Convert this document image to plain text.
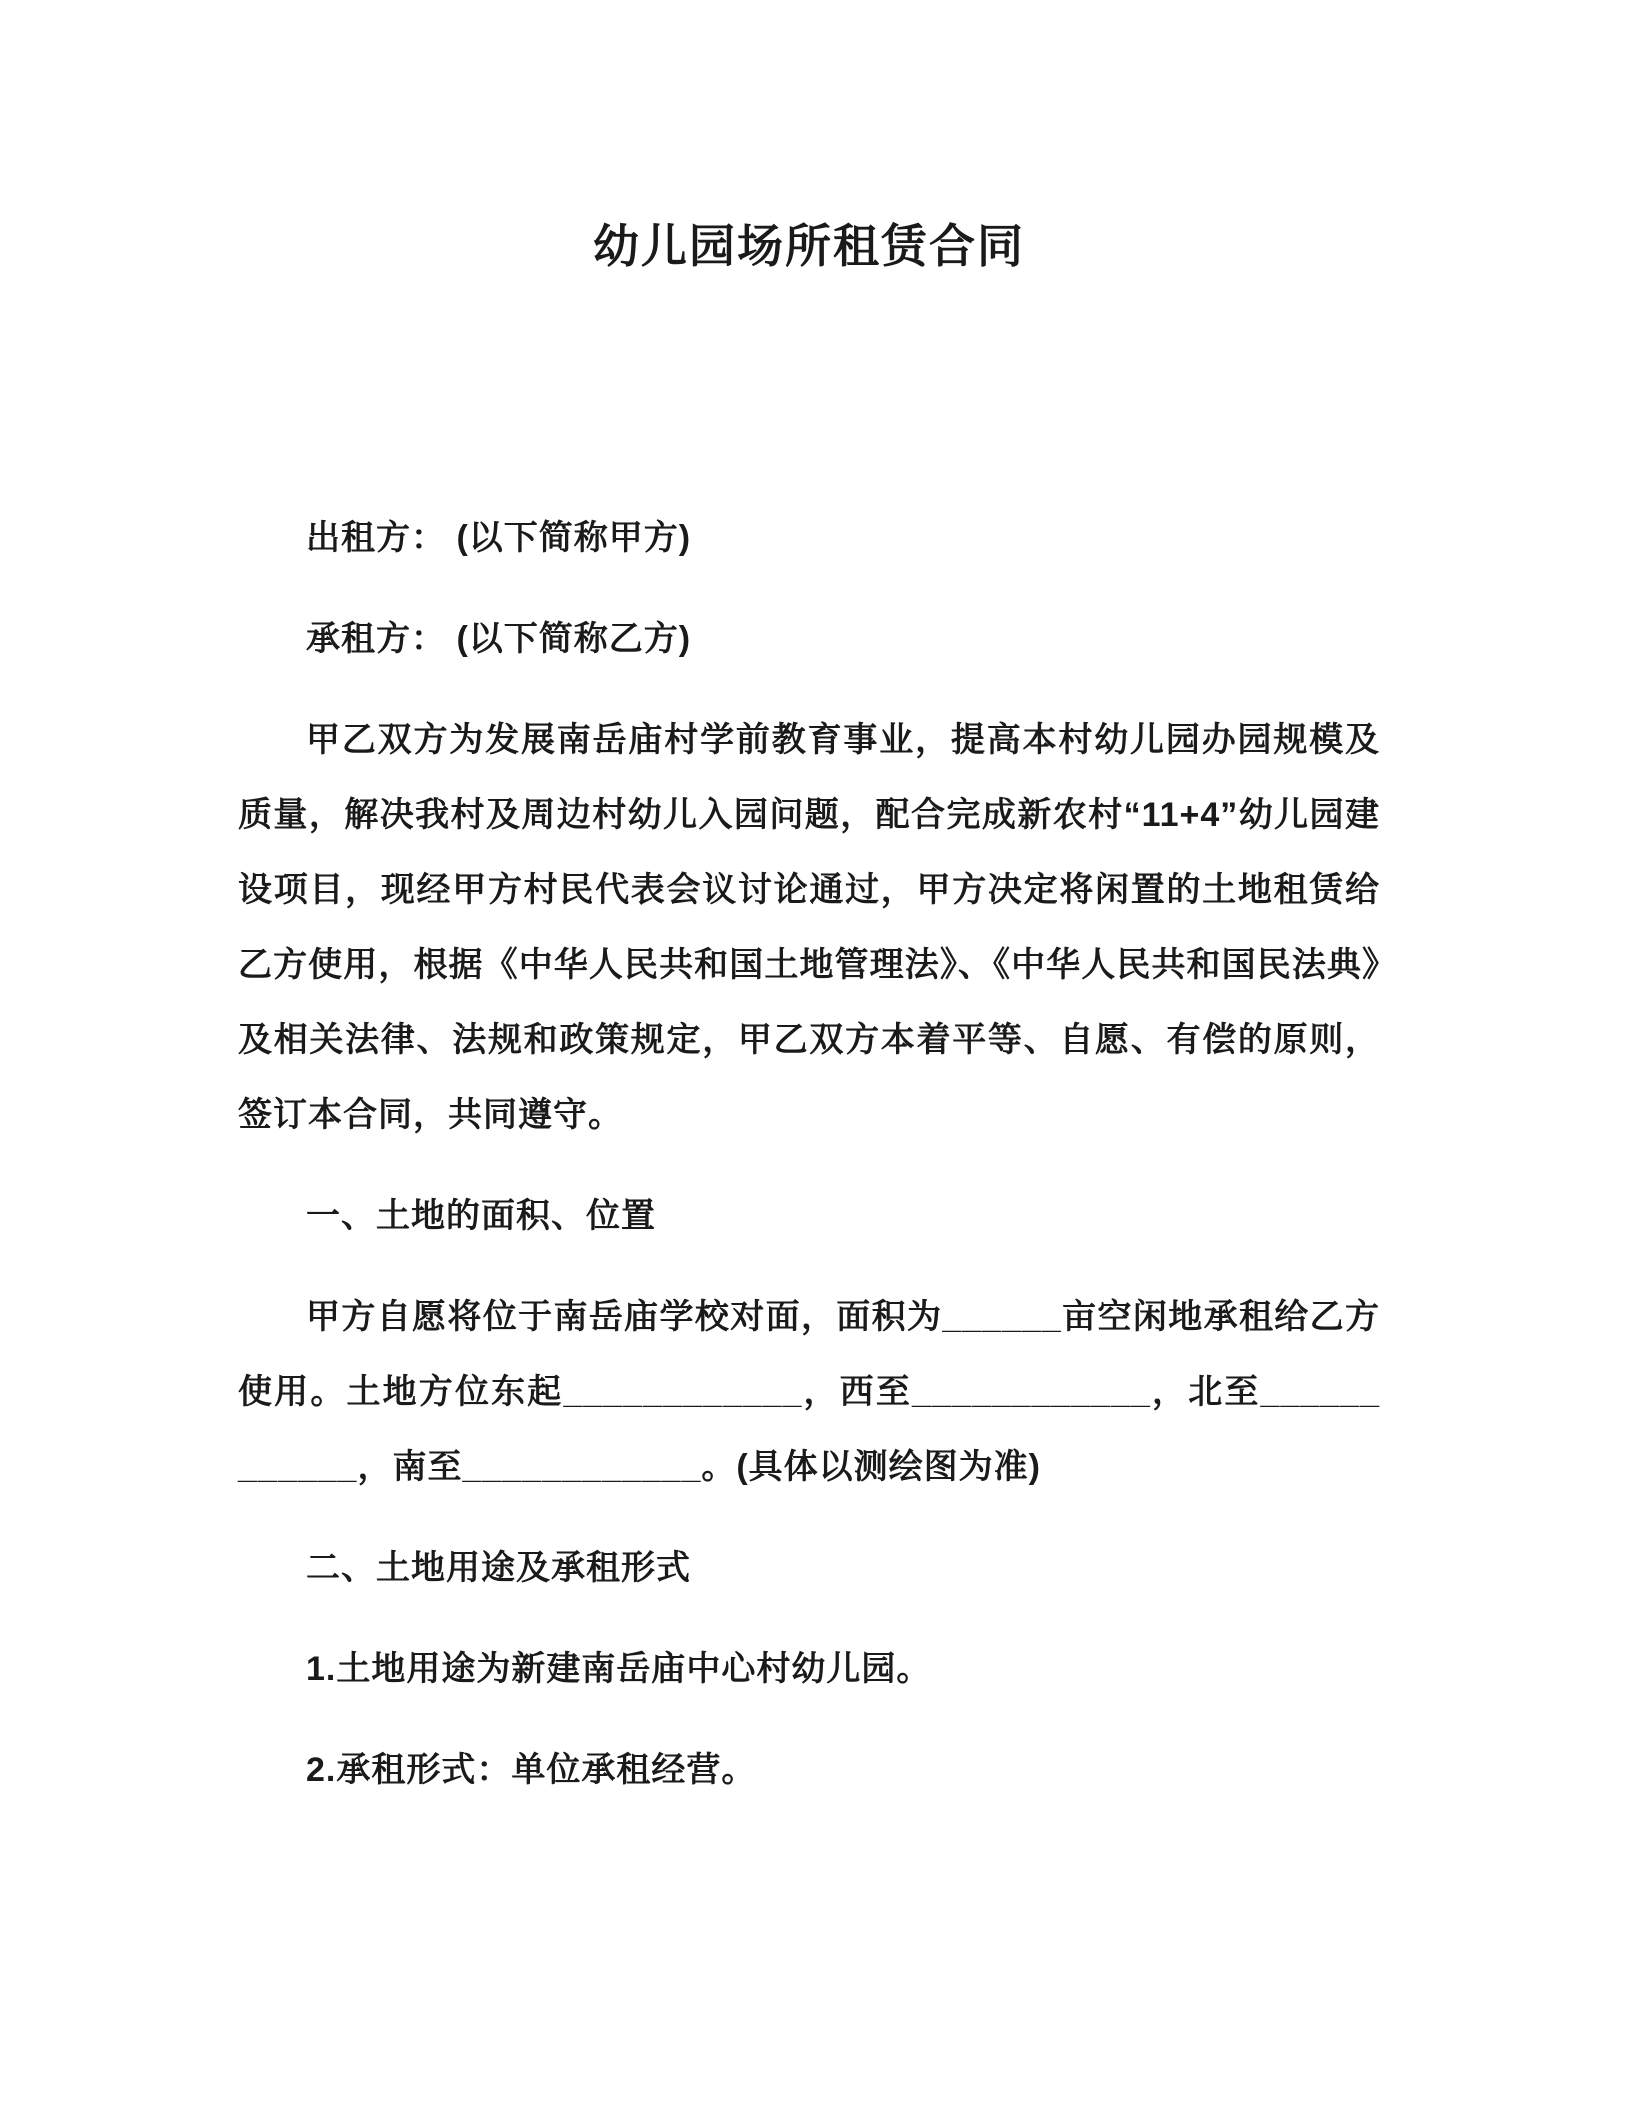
幼儿园场所租赁合同

出租方： (以下简称甲方)

承租方： (以下简称乙方)

甲乙双方为发展南岳庙村学前教育事业，提高本村幼儿园办园规模及质量，解决我村及周边村幼儿入园问题，配合完成新农村“11+4”幼儿园建设项目，现经甲方村民代表会议讨论通过，甲方决定将闲置的土地租赁给乙方使用，根据《中华人民共和国土地管理法》、《中华人民共和国民法典》及相关法律、法规和政策规定，甲乙双方本着平等、自愿、有偿的原则，签订本合同，共同遵守。

一、土地的面积、位置

甲方自愿将位于南岳庙学校对面，面积为______亩空闲地承租给乙方使用。土地方位东起____________，西至____________，北至____________，南至____________。(具体以测绘图为准)

二、土地用途及承租形式

1.土地用途为新建南岳庙中心村幼儿园。

2.承租形式：单位承租经营。
